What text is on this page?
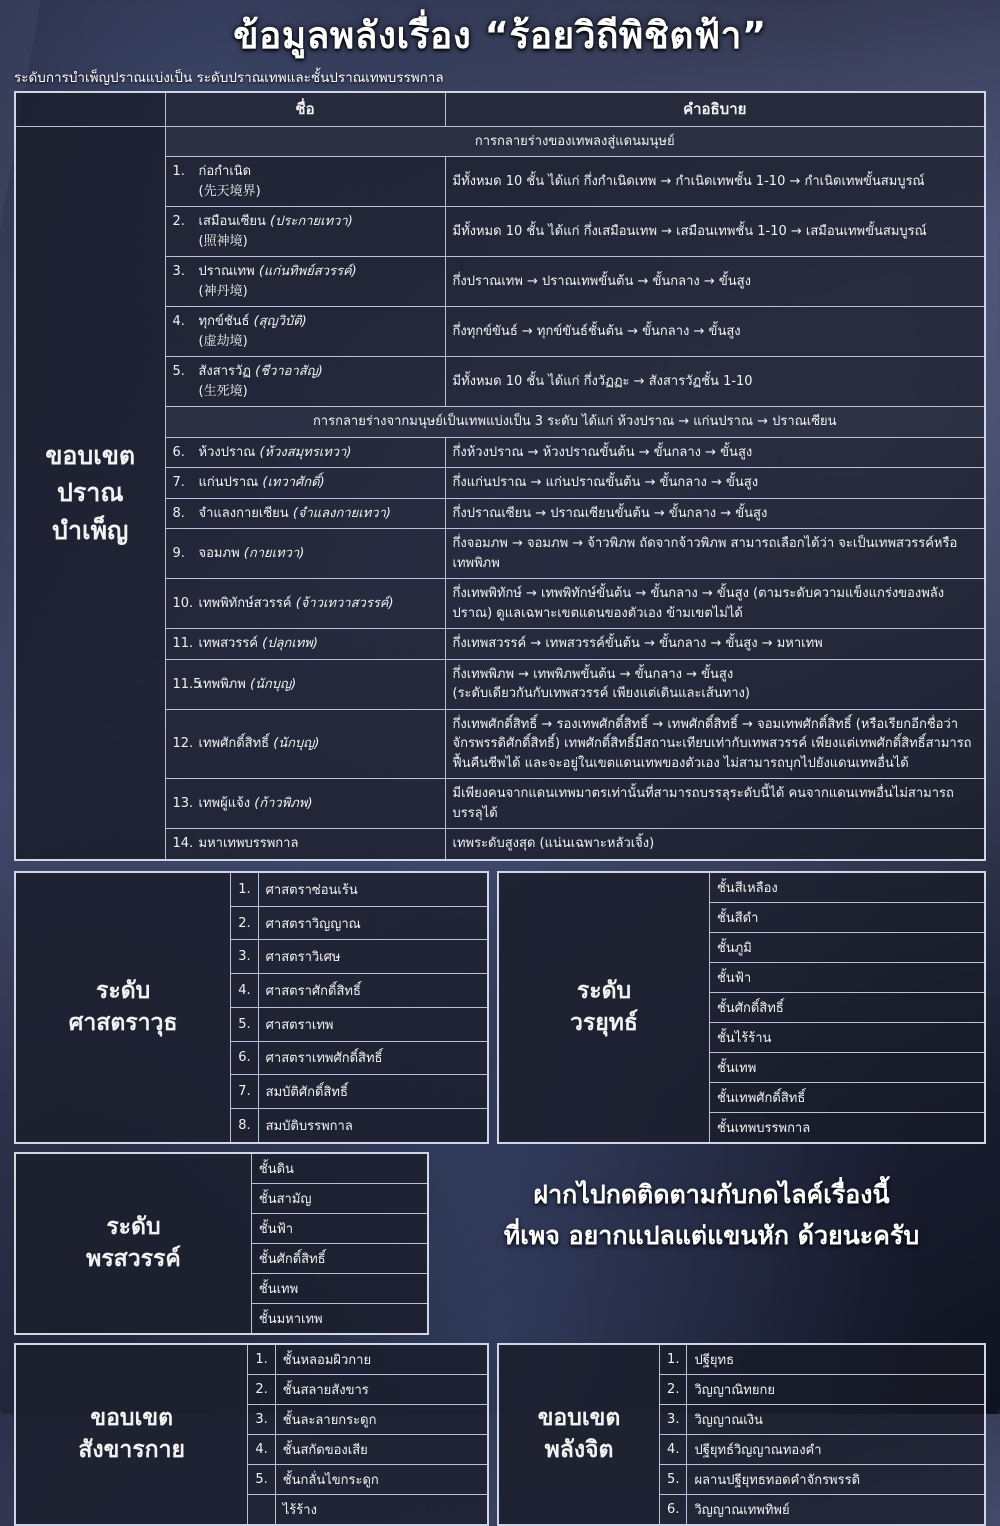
ข้อมูลพลังเรื่อง “ร้อยวิถีพิชิตฟ้า”
ระดับการบำเพ็ญปราณแบ่งเป็น ระดับปราณเทพและชั้นปราณเทพบรรพกาล
	ชื่อ	คำอธิบาย

ขอบเขต
ปราณ
บำเพ็ญ	การกลายร่างของเทพลงสู่แดนมนุษย์	

	1. ก่อกำเนิด
(先天境界)	มีทั้งหมด 10 ชั้น ได้แก่ กึ่งกำเนิดเทพ → กำเนิดเทพชั้น 1-10 → กำเนิดเทพขั้นสมบูรณ์

	2. เสมือนเซียน (ประกายเทวา)
(照神境)	มีทั้งหมด 10 ชั้น ได้แก่ กึ่งเสมือนเทพ → เสมือนเทพชั้น 1-10 → เสมือนเทพขั้นสมบูรณ์

	3. ปราณเทพ (แก่นทิพย์สวรรค์)
(神丹境)	กึ่งปราณเทพ → ปราณเทพขั้นต้น → ขั้นกลาง → ขั้นสูง

	4. ทุกข์ชันธ์ (สุญวิบัติ)
(虚劫境)	กึ่งทุกข์ขันธ์ → ทุกข์ขันธ์ชั้นต้น → ขั้นกลาง → ขั้นสูง

	5. สังสารวัฏ (ชีวาอาสัญ)
(生死境)	มีทั้งหมด 10 ชั้น ได้แก่ กึ่งวัฏฏะ → สังสารวัฏชั้น 1-10
	การกลายร่างจากมนุษย์เป็นเทพแบ่งเป็น 3 ระดับ ได้แก่ ห้วงปราณ → แก่นปราณ → ปราณเซียน	

	6. ห้วงปราณ (ห้วงสมุทรเทวา)	กึ่งห้วงปราณ → ห้วงปราณขั้นต้น → ขั้นกลาง → ขั้นสูง

	7. แก่นปราณ (เทวาศักดิ์)	กึ่งแก่นปราณ → แก่นปราณขั้นต้น → ขั้นกลาง → ขั้นสูง

	8. จำแลงกายเซียน (จำแลงกายเทวา)	กึ่งปราณเซียน → ปราณเซียนขั้นต้น → ขั้นกลาง → ขั้นสูง

	9. จอมภพ (กายเทวา)	กึ่งจอมภพ → จอมภพ → จ้าวพิภพ ถัดจากจ้าวพิภพ สามารถเลือกได้ว่า จะเป็นเทพสวรรค์หรือเทพพิภพ

	10. เทพพิทักษ์สวรรค์ (จ้าวเทวาสวรรค์)	กึ่งเทพพิทักษ์ → เทพพิทักษ์ขั้นต้น → ขั้นกลาง → ขั้นสูง (ตามระดับความแข็งแกร่งของพลังปราณ) ดูแลเฉพาะเขตแดนของตัวเอง ข้ามเขตไม่ได้

	11. เทพสวรรค์ (ปลุกเทพ)	กึ่งเทพสวรรค์ → เทพสวรรค์ขั้นต้น → ขั้นกลาง → ขั้นสูง → มหาเทพ

	11.5
เทพพิภพ (นักบุญ)	กึ่งเทพพิภพ → เทพพิภพขั้นต้น → ขั้นกลาง → ขั้นสูง
(ระดับเดียวกันกับเทพสวรรค์ เพียงแต่เดินและเส้นทาง)

	12. เทพศักดิ์สิทธิ์ (นักบุญ)	กึ่งเทพศักดิ์สิทธิ์ → รองเทพศักดิ์สิทธิ์ → เทพศักดิ์สิทธิ์ → จอมเทพศักดิ์สิทธิ์ (หรือเรียกอีกชื่อว่า จักรพรรดิศักดิ์สิทธิ์) เทพศักดิ์สิทธิ์มีสถานะเทียบเท่ากับเทพสวรรค์ เพียงแต่เทพศักดิ์สิทธิ์สามารถฟื้นคืนชีพได้ และจะอยู่ในเขตแดนเทพของตัวเอง ไม่สามารถบุกไปยังแดนเทพอื่นได้

	13. เทพผู้แจ้ง (ก้าวพิภพ)	มีเพียงคนจากแดนเทพมาตรเท่านั้นที่สามารถบรรลุระดับนี้ได้ คนจากแดนเทพอื่นไม่สามารถบรรลุได้

	14. มหาเทพบรรพกาล	เทพระดับสูงสุด (แน่นเฉพาะหลัวเจิ้ง)
ระดับ
ศาสตราวุธ	1.	ศาสตราซ่อนเร้น
	2.	ศาสตราวิญญาณ
	3.	ศาสตราวิเศษ
	4.	ศาสตราศักดิ์สิทธิ์
	5.	ศาสตราเทพ
	6.	ศาสตราเทพศักดิ์สิทธิ์
	7.	สมบัติศักดิ์สิทธิ์
	8.	สมบัติบรรพกาล
ระดับ
วรยุทธ์
	ชั้นสีเหลือง
ชั้นสีดำ
ชั้นภูมิ
ชั้นฟ้า
ชั้นศักดิ์สิทธิ์
ชั้นไร้ร้าน
ชั้นเทพ
ชั้นเทพศักดิ์สิทธิ์
ชั้นเทพบรรพกาล
ระดับ
พรสวรรค์
	ชั้นดิน
ชั้นสามัญ
ชั้นฟ้า
ชั้นศักดิ์สิทธิ์
ชั้นเทพ
ชั้นมหาเทพ
ฝากไปกดติดตามกับกดไลค์เรื่องนี้
ที่เพจ อยากแปลแต่แขนหัก ด้วยนะครับ
ขอบเขต
สังขารกาย	1.	ชั้นหลอมผิวกาย
	2.	ชั้นสลายสังขาร
	3.	ชั้นละลายกระดูก
	4.	ชั้นสกัดของเสีย
	5.	ชั้นกลั่นไขกระดูก
		ไร้ร้าง
ขอบเขต
พลังจิต	1.	ปฐียุทธ
	2.	วิญญาณิทยกย
	3.	วิญญาณเงิน
	4.	ปฐียุทธ์วิญญาณทองคำ
	5.	ผลานปฐียุทธทอดคำจักรพรรดิ
	6.	วิญญาณเทพทิพย์
